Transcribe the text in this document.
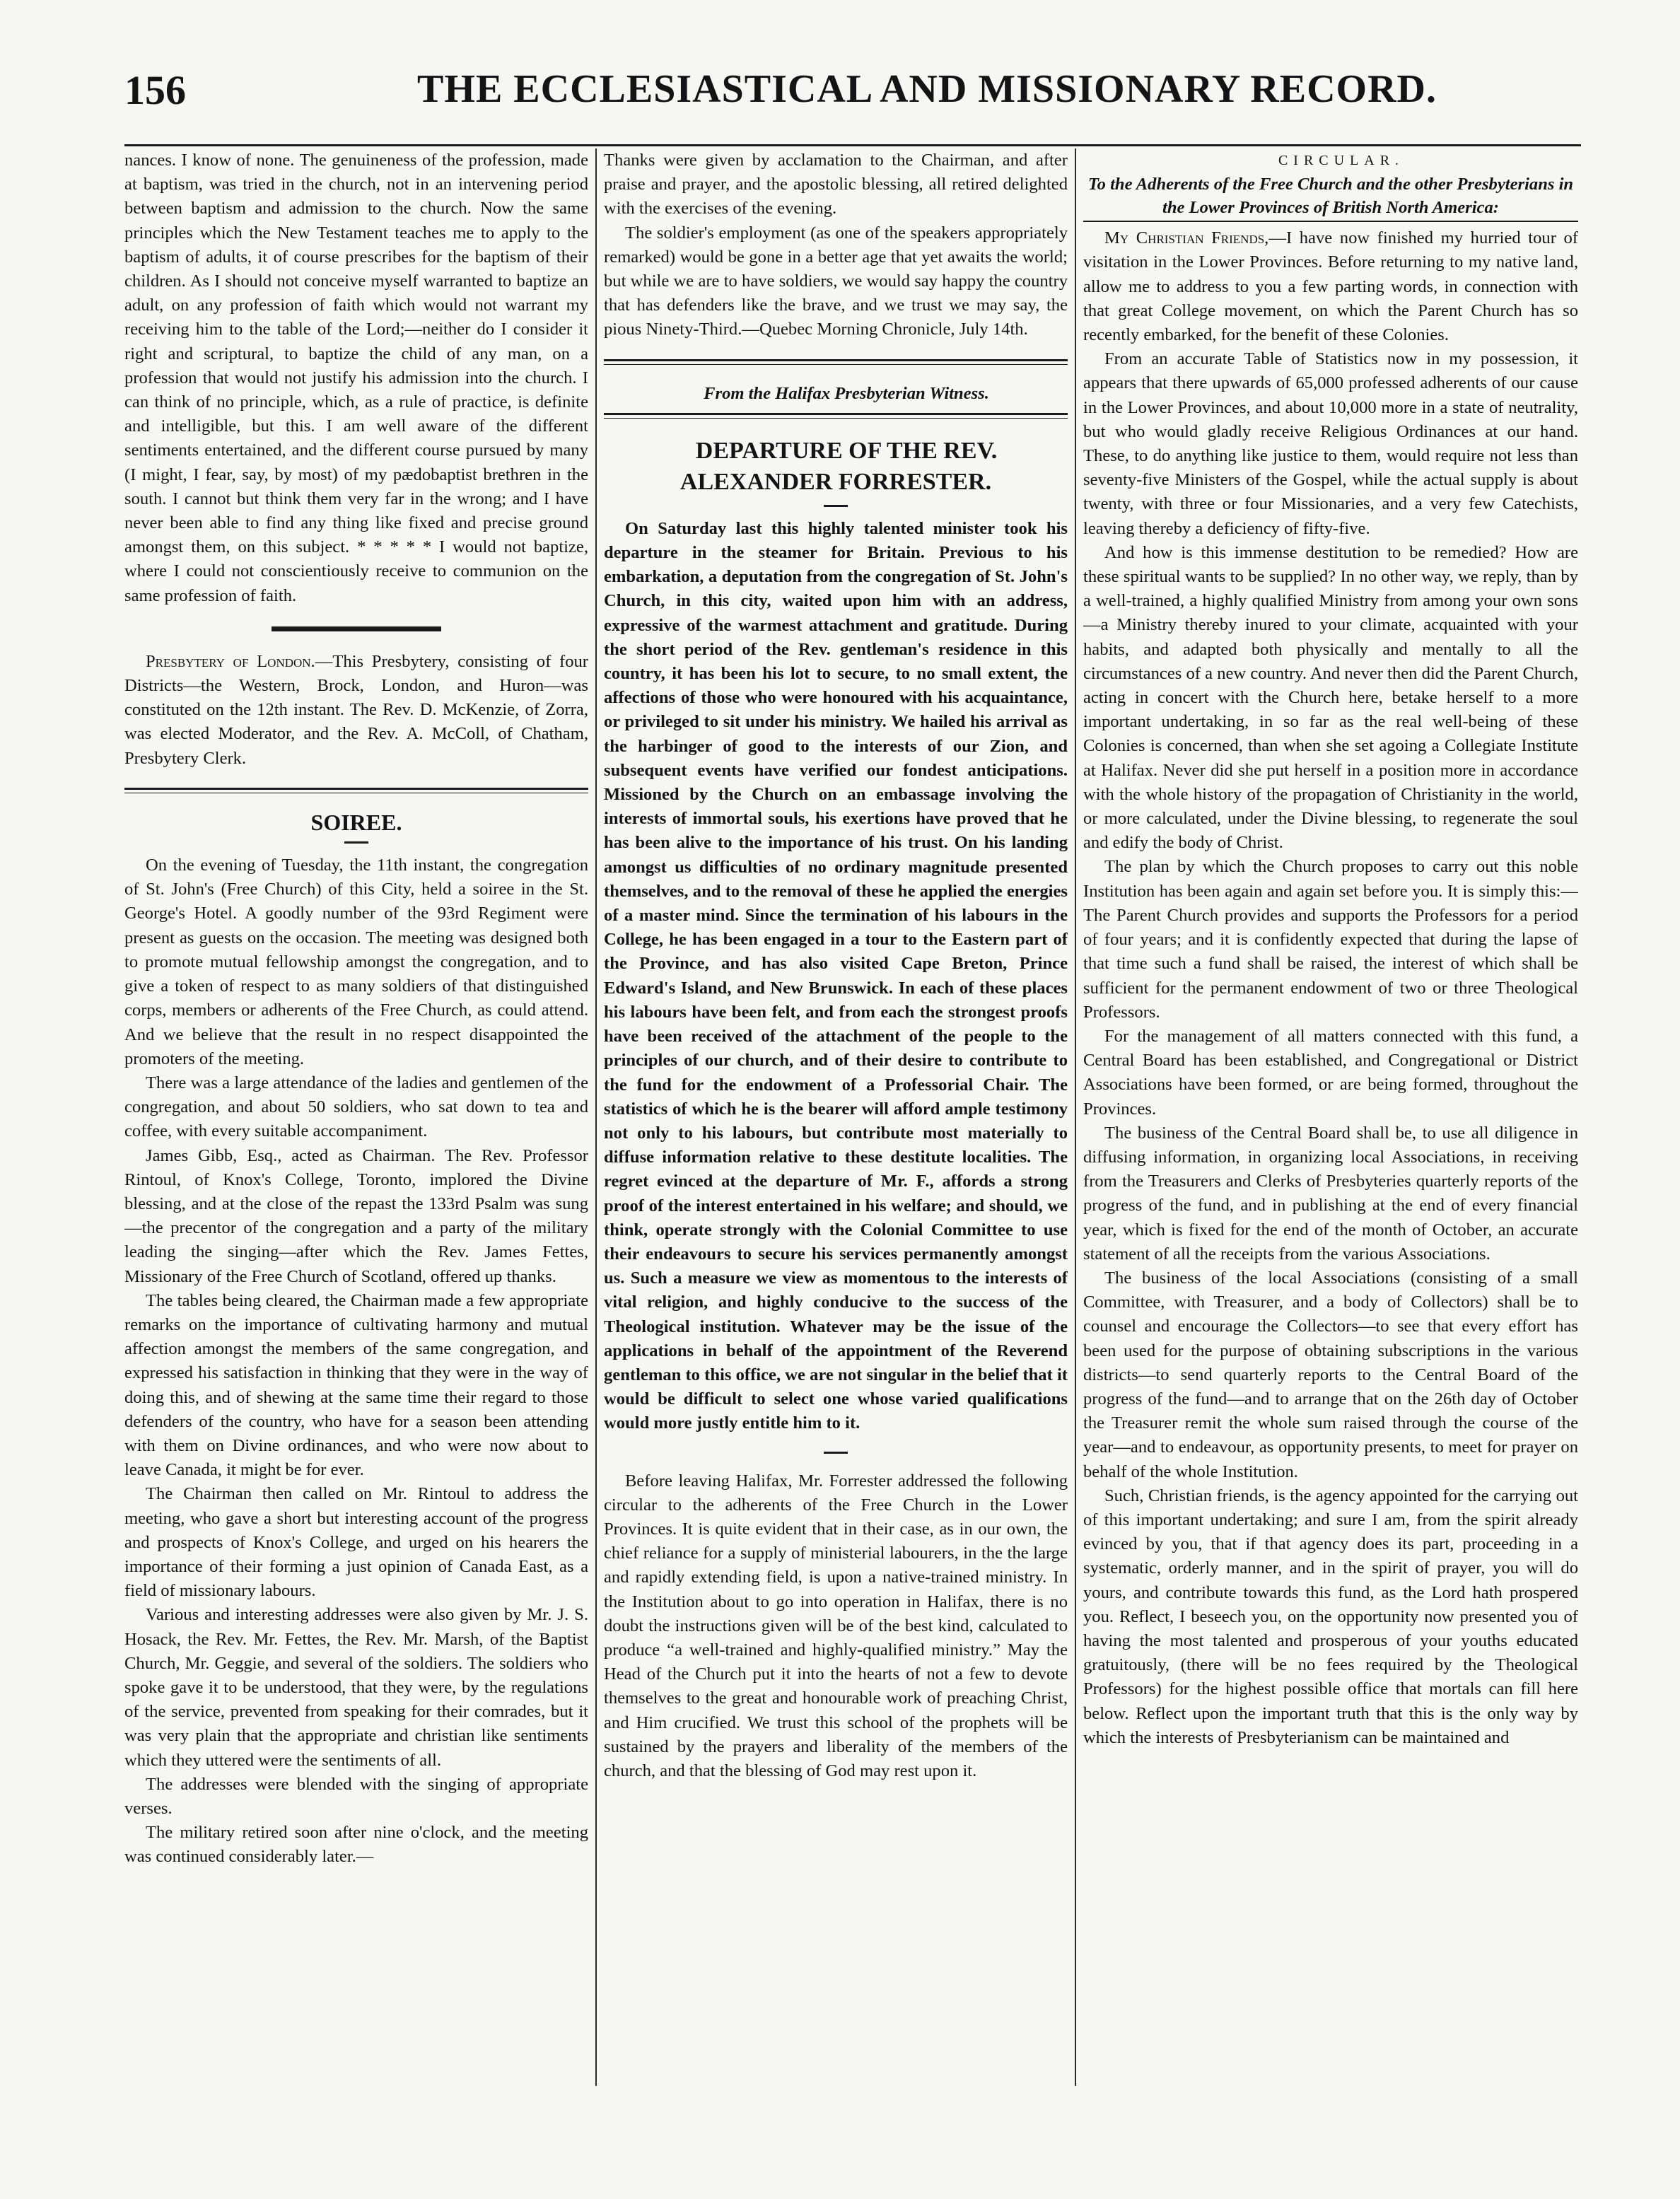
156	THE ECCLESIASTICAL AND MISSIONARY RECORD.

nances. I know of none. The genuineness of the profession, made at baptism, was tried in the church, not in an intervening period between baptism and admission to the church. Now the same principles which the New Testament teaches me to apply to the baptism of adults, it of course prescribes for the baptism of their children. As I should not conceive myself warranted to baptize an adult, on any profession of faith which would not warrant my receiving him to the table of the Lord;—neither do I consider it right and scriptural, to baptize the child of any man, on a profession that would not justify his admission into the church. I can think of no principle, which, as a rule of practice, is definite and intelligible, but this. I am well aware of the different sentiments entertained, and the different course pursued by many (I might, I fear, say, by most) of my pædobaptist brethren in the south. I cannot but think them very far in the wrong; and I have never been able to find any thing like fixed and precise ground amongst them, on this subject. * * * * * I would not baptize, where I could not conscientiously receive to communion on the same profession of faith.

Presbytery of London.—This Presbytery, consisting of four Districts—the Western, Brock, London, and Huron—was constituted on the 12th instant. The Rev. D. McKenzie, of Zorra, was elected Moderator, and the Rev. A. McColl, of Chatham, Presbytery Clerk.

SOIREE.

On the evening of Tuesday, the 11th instant, the congregation of St. John's (Free Church) of this City, held a soiree in the St. George's Hotel. A goodly number of the 93rd Regiment were present as guests on the occasion. The meeting was designed both to promote mutual fellowship amongst the congregation, and to give a token of respect to as many soldiers of that distinguished corps, members or adherents of the Free Church, as could attend. And we believe that the result in no respect disappointed the promoters of the meeting.

There was a large attendance of the ladies and gentlemen of the congregation, and about 50 soldiers, who sat down to tea and coffee, with every suitable accompaniment.

James Gibb, Esq., acted as Chairman. The Rev. Professor Rintoul, of Knox's College, Toronto, implored the Divine blessing, and at the close of the repast the 133rd Psalm was sung—the precentor of the congregation and a party of the military leading the singing—after which the Rev. James Fettes, Missionary of the Free Church of Scotland, offered up thanks.

The tables being cleared, the Chairman made a few appropriate remarks on the importance of cultivating harmony and mutual affection amongst the members of the same congregation, and expressed his satisfaction in thinking that they were in the way of doing this, and of shewing at the same time their regard to those defenders of the country, who have for a season been attending with them on Divine ordinances, and who were now about to leave Canada, it might be for ever.

The Chairman then called on Mr. Rintoul to address the meeting, who gave a short but interesting account of the progress and prospects of Knox's College, and urged on his hearers the importance of their forming a just opinion of Canada East, as a field of missionary labours.

Various and interesting addresses were also given by Mr. J. S. Hosack, the Rev. Mr. Fettes, the Rev. Mr. Marsh, of the Baptist Church, Mr. Geggie, and several of the soldiers. The soldiers who spoke gave it to be understood, that they were, by the regulations of the service, prevented from speaking for their comrades, but it was very plain that the appropriate and christian like sentiments which they uttered were the sentiments of all.

The addresses were blended with the singing of appropriate verses.

The military retired soon after nine o'clock, and the meeting was continued considerably later.—

Thanks were given by acclamation to the Chairman, and after praise and prayer, and the apostolic blessing, all retired delighted with the exercises of the evening.

The soldier's employment (as one of the speakers appropriately remarked) would be gone in a better age that yet awaits the world; but while we are to have soldiers, we would say happy the country that has defenders like the brave, and we trust we may say, the pious Ninety-Third.—Quebec Morning Chronicle, July 14th.

From the Halifax Presbyterian Witness.

DEPARTURE OF THE REV. ALEXANDER FORRESTER.

On Saturday last this highly talented minister took his departure in the steamer for Britain. Previous to his embarkation, a deputation from the congregation of St. John's Church, in this city, waited upon him with an address, expressive of the warmest attachment and gratitude. During the short period of the Rev. gentleman's residence in this country, it has been his lot to secure, to no small extent, the affections of those who were honoured with his acquaintance, or privileged to sit under his ministry. We hailed his arrival as the harbinger of good to the interests of our Zion, and subsequent events have verified our fondest anticipations. Missioned by the Church on an embassage involving the interests of immortal souls, his exertions have proved that he has been alive to the importance of his trust. On his landing amongst us difficulties of no ordinary magnitude presented themselves, and to the removal of these he applied the energies of a master mind. Since the termination of his labours in the College, he has been engaged in a tour to the Eastern part of the Province, and has also visited Cape Breton, Prince Edward's Island, and New Brunswick. In each of these places his labours have been felt, and from each the strongest proofs have been received of the attachment of the people to the principles of our church, and of their desire to contribute to the fund for the endowment of a Professorial Chair. The statistics of which he is the bearer will afford ample testimony not only to his labours, but contribute most materially to diffuse information relative to these destitute localities. The regret evinced at the departure of Mr. F., affords a strong proof of the interest entertained in his welfare; and should, we think, operate strongly with the Colonial Committee to use their endeavours to secure his services permanently amongst us. Such a measure we view as momentous to the interests of vital religion, and highly conducive to the success of the Theological institution. Whatever may be the issue of the applications in behalf of the appointment of the Reverend gentleman to this office, we are not singular in the belief that it would be difficult to select one whose varied qualifications would more justly entitle him to it.

Before leaving Halifax, Mr. Forrester addressed the following circular to the adherents of the Free Church in the Lower Provinces. It is quite evident that in their case, as in our own, the chief reliance for a supply of ministerial labourers, in the the large and rapidly extending field, is upon a native-trained ministry. In the Institution about to go into operation in Halifax, there is no doubt the instructions given will be of the best kind, calculated to produce “a well-trained and highly-qualified ministry.” May the Head of the Church put it into the hearts of not a few to devote themselves to the great and honourable work of preaching Christ, and Him crucified. We trust this school of the prophets will be sustained by the prayers and liberality of the members of the church, and that the blessing of God may rest upon it.

CIRCULAR.

To the Adherents of the Free Church and the other Presbyterians in the Lower Provinces of British North America:

My Christian Friends,—I have now finished my hurried tour of visitation in the Lower Provinces. Before returning to my native land, allow me to address to you a few parting words, in connection with that great College movement, on which the Parent Church has so recently embarked, for the benefit of these Colonies.

From an accurate Table of Statistics now in my possession, it appears that there upwards of 65,000 professed adherents of our cause in the Lower Provinces, and about 10,000 more in a state of neutrality, but who would gladly receive Religious Ordinances at our hand. These, to do anything like justice to them, would require not less than seventy-five Ministers of the Gospel, while the actual supply is about twenty, with three or four Missionaries, and a very few Catechists, leaving thereby a deficiency of fifty-five.

And how is this immense destitution to be remedied? How are these spiritual wants to be supplied? In no other way, we reply, than by a well-trained, a highly qualified Ministry from among your own sons—a Ministry thereby inured to your climate, acquainted with your habits, and adapted both physically and mentally to all the circumstances of a new country. And never then did the Parent Church, acting in concert with the Church here, betake herself to a more important undertaking, in so far as the real well-being of these Colonies is concerned, than when she set agoing a Collegiate Institute at Halifax. Never did she put herself in a position more in accordance with the whole history of the propagation of Christianity in the world, or more calculated, under the Divine blessing, to regenerate the soul and edify the body of Christ.

The plan by which the Church proposes to carry out this noble Institution has been again and again set before you. It is simply this:—The Parent Church provides and supports the Professors for a period of four years; and it is confidently expected that during the lapse of that time such a fund shall be raised, the interest of which shall be sufficient for the permanent endowment of two or three Theological Professors.

For the management of all matters connected with this fund, a Central Board has been established, and Congregational or District Associations have been formed, or are being formed, throughout the Provinces.

The business of the Central Board shall be, to use all diligence in diffusing information, in organizing local Associations, in receiving from the Treasurers and Clerks of Presbyteries quarterly reports of the progress of the fund, and in publishing at the end of every financial year, which is fixed for the end of the month of October, an accurate statement of all the receipts from the various Associations.

The business of the local Associations (consisting of a small Committee, with Treasurer, and a body of Collectors) shall be to counsel and encourage the Collectors—to see that every effort has been used for the purpose of obtaining subscriptions in the various districts—to send quarterly reports to the Central Board of the progress of the fund—and to arrange that on the 26th day of October the Treasurer remit the whole sum raised through the course of the year—and to endeavour, as opportunity presents, to meet for prayer on behalf of the whole Institution.

Such, Christian friends, is the agency appointed for the carrying out of this important undertaking; and sure I am, from the spirit already evinced by you, that if that agency does its part, proceeding in a systematic, orderly manner, and in the spirit of prayer, you will do yours, and contribute towards this fund, as the Lord hath prospered you. Reflect, I beseech you, on the opportunity now presented you of having the most talented and prosperous of your youths educated gratuitously, (there will be no fees required by the Theological Professors) for the highest possible office that mortals can fill here below. Reflect upon the important truth that this is the only way by which the interests of Presbyterianism can be maintained and
